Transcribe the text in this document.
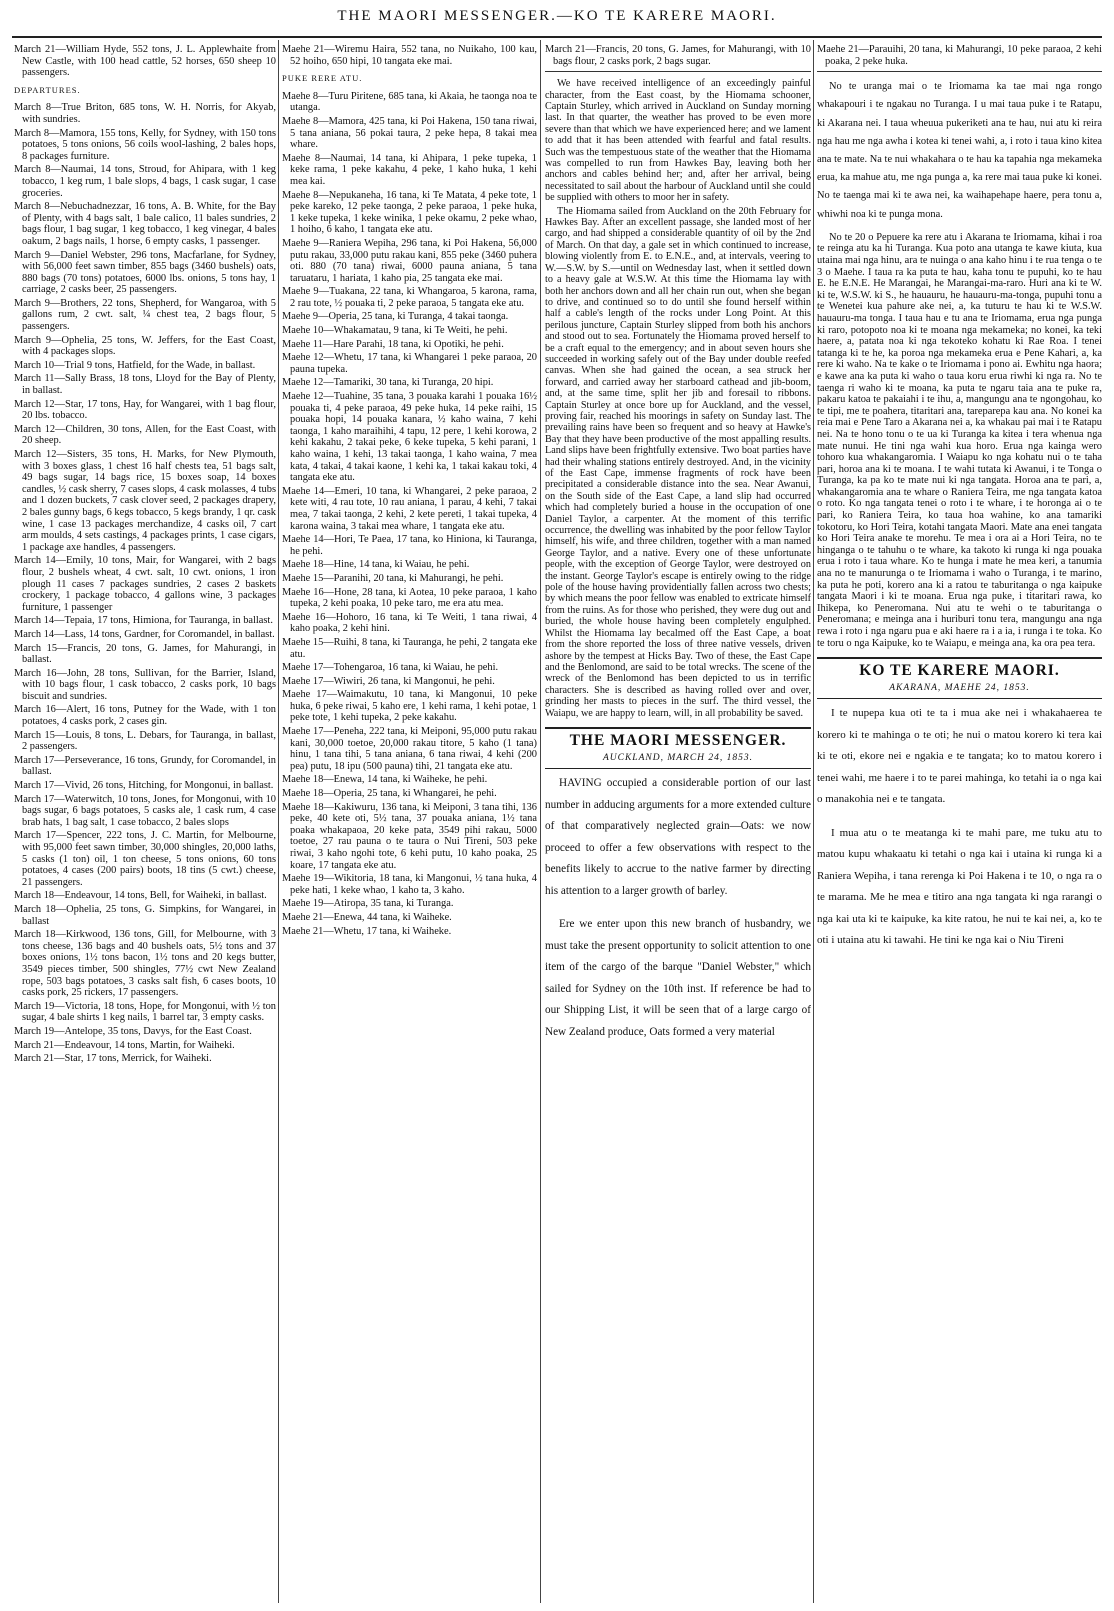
THE MAORI MESSENGER.—KO TE KARERE MAORI.

March 21—William Hyde, 552 tons, J. L. Applewhaite from New Castle, with 100 head cattle, 52 horses, 650 sheep 10 passengers.

DEPARTURES.

March 8—True Briton, 685 tons, W. H. Norris, for Akyab, with sundries.

March 8—Mamora, 155 tons, Kelly, for Sydney, with 150 tons potatoes, 5 tons onions, 56 coils wool-lashing, 2 bales hops, 8 packages furniture.

March 8—Naumai, 14 tons, Stroud, for Ahipara, with 1 keg tobacco, 1 keg rum, 1 bale slops, 4 bags, 1 cask sugar, 1 case groceries.

March 8—Nebuchadnezzar, 16 tons, A. B. White, for the Bay of Plenty, with 4 bags salt, 1 bale calico, 11 bales sundries, 2 bags flour, 1 bag sugar, 1 keg tobacco, 1 keg vinegar, 4 bales oakum, 2 bags nails, 1 horse, 6 empty casks, 1 passenger.

March 9—Daniel Webster, 296 tons, Macfarlane, for Sydney, with 56,000 feet sawn timber, 855 bags (3460 bushels) oats, 880 bags (70 tons) potatoes, 6000 lbs. onions, 5 tons hay, 1 carriage, 2 casks beer, 25 passengers.

March 9—Brothers, 22 tons, Shepherd, for Wangaroa, with 5 gallons rum, 2 cwt. salt, ¼ chest tea, 2 bags flour, 5 passengers.

March 9—Ophelia, 25 tons, W. Jeffers, for the East Coast, with 4 packages slops.

March 10—Trial 9 tons, Hatfield, for the Wade, in ballast.

March 11—Sally Brass, 18 tons, Lloyd for the Bay of Plenty, in ballast.

March 12—Star, 17 tons, Hay, for Wangarei, with 1 bag flour, 20 lbs. tobacco.

March 12—Children, 30 tons, Allen, for the East Coast, with 20 sheep.

March 12—Sisters, 35 tons, H. Marks, for New Plymouth, with 3 boxes glass, 1 chest 16 half chests tea, 51 bags salt, 49 bags sugar, 14 bags rice, 15 boxes soap, 14 boxes candles, ½ cask sherry, 7 cases slops, 4 cask molasses, 4 tubs and 1 dozen buckets, 7 cask clover seed, 2 packages drapery, 2 bales gunny bags, 6 kegs tobacco, 5 kegs brandy, 1 qr. cask wine, 1 case 13 packages merchandize, 4 casks oil, 7 cart arm moulds, 4 sets castings, 4 packages prints, 1 case cigars, 1 package axe handles, 4 passengers.

March 14—Emily, 10 tons, Mair, for Wangarei, with 2 bags flour, 2 bushels wheat, 4 cwt. salt, 10 cwt. onions, 1 iron plough 11 cases 7 packages sundries, 2 cases 2 baskets crockery, 1 package tobacco, 4 gallons wine, 3 packages furniture, 1 passenger

March 14—Tepaia, 17 tons, Himiona, for Tauranga, in ballast.

March 14—Lass, 14 tons, Gardner, for Coromandel, in ballast.

March 15—Francis, 20 tons, G. James, for Mahurangi, in ballast.

March 16—John, 28 tons, Sullivan, for the Barrier, Island, with 10 bags flour, 1 cask tobacco, 2 casks pork, 10 bags biscuit and sundries.

March 16—Alert, 16 tons, Putney for the Wade, with 1 ton potatoes, 4 casks pork, 2 cases gin.

March 15—Louis, 8 tons, L. Debars, for Tauranga, in ballast, 2 passengers.

March 17—Perseverance, 16 tons, Grundy, for Coromandel, in ballast.

March 17—Vivid, 26 tons, Hitching, for Mongonui, in ballast.

March 17—Waterwitch, 10 tons, Jones, for Mongonui, with 10 bags sugar, 6 bags potatoes, 5 casks ale, 1 cask rum, 4 case brab hats, 1 bag salt, 1 case tobacco, 2 bales slops

March 17—Spencer, 222 tons, J. C. Martin, for Melbourne, with 95,000 feet sawn timber, 30,000 shingles, 20,000 laths, 5 casks (1 ton) oil, 1 ton cheese, 5 tons onions, 60 tons potatoes, 4 cases (200 pairs) boots, 18 tins (5 cwt.) cheese, 21 passengers.

March 18—Endeavour, 14 tons, Bell, for Waiheki, in ballast.

March 18—Ophelia, 25 tons, G. Simpkins, for Wangarei, in ballast

March 18—Kirkwood, 136 tons, Gill, for Melbourne, with 3 tons cheese, 136 bags and 40 bushels oats, 5½ tons and 37 boxes onions, 1½ tons bacon, 1½ tons and 20 kegs butter, 3549 pieces timber, 500 shingles, 77½ cwt New Zealand rope, 503 bags potatoes, 3 casks salt fish, 6 cases boots, 10 casks pork, 25 rickers, 17 passengers.

March 19—Victoria, 18 tons, Hope, for Mongonui, with ½ ton sugar, 4 bale shirts 1 keg nails, 1 barrel tar, 3 empty casks.

March 19—Antelope, 35 tons, Davys, for the East Coast.

March 21—Endeavour, 14 tons, Martin, for Waiheki.

March 21—Star, 17 tons, Merrick, for Waiheki.

Maehe 21—Wiremu Haira, 552 tana, no Nuikaho, 100 kau, 52 hoiho, 650 hipi, 10 tangata eke mai.

PUKE RERE ATU.

Maehe 8—Turu Piritene, 685 tana, ki Akaia, he taonga noa te utanga.

Maehe 8—Mamora, 425 tana, ki Poi Hakena, 150 tana riwai, 5 tana aniana, 56 pokai taura, 2 peke hepa, 8 takai mea whare.

Maehe 8—Naumai, 14 tana, ki Ahipara, 1 peke tupeka, 1 keke rama, 1 peke kakahu, 4 peke, 1 kaho huka, 1 kehi mea kai.

Maehe 8—Nepukaneha, 16 tana, ki Te Matata, 4 peke tote, 1 peke kareko, 12 peke taonga, 2 peke paraoa, 1 peke huka, 1 keke tupeka, 1 keke winika, 1 peke okamu, 2 peke whao, 1 hoiho, 6 kaho, 1 tangata eke atu.

Maehe 9—Raniera Wepiha, 296 tana, ki Poi Hakena, 56,000 putu rakau, 33,000 putu rakau kani, 855 peke (3460 puhera oti. 880 (70 tana) riwai, 6000 pauna aniana, 5 tana taruataru, 1 hariata, 1 kaho pia, 25 tangata eke mai.

Maehe 9—Tuakana, 22 tana, ki Whangaroa, 5 karona, rama, 2 rau tote, ½ pouaka ti, 2 peke paraoa, 5 tangata eke atu.

Maehe 9—Operia, 25 tana, ki Turanga, 4 takai taonga.

Maehe 10—Whakamatau, 9 tana, ki Te Weiti, he pehi.

Maehe 11—Hare Parahi, 18 tana, ki Opotiki, he pehi.

Maehe 12—Whetu, 17 tana, ki Whangarei 1 peke paraoa, 20 pauna tupeka.

Maehe 12—Tamariki, 30 tana, ki Turanga, 20 hipi.

Maehe 12—Tuahine, 35 tana, 3 pouaka karahi 1 pouaka 16½ pouaka ti, 4 peke paraoa, 49 peke huka, 14 peke raihi, 15 pouaka hopi, 14 pouaka kanara, ½ kaho waina, 7 kehi taonga, 1 kaho maraihihi, 4 tapu, 12 pere, 1 kehi korowa, 2 kehi kakahu, 2 takai peke, 6 keke tupeka, 5 kehi parani, 1 kaho waina, 1 kehi, 13 takai taonga, 1 kaho waina, 7 mea kata, 4 takai, 4 takai kaone, 1 kehi ka, 1 takai kakau toki, 4 tangata eke atu.

Maehe 14—Emeri, 10 tana, ki Whangarei, 2 peke paraoa, 2 kete witi, 4 rau tote, 10 rau aniana, 1 parau, 4 kehi, 7 takai mea, 7 takai taonga, 2 kehi, 2 kete pereti, 1 takai tupeka, 4 karona waina, 3 takai mea whare, 1 tangata eke atu.

Maehe 14—Hori, Te Paea, 17 tana, ko Hiniona, ki Tauranga, he pehi.

Maehe 18—Hine, 14 tana, ki Waiau, he pehi.

Maehe 15—Paranihi, 20 tana, ki Mahurangi, he pehi.

Maehe 16—Hone, 28 tana, ki Aotea, 10 peke paraoa, 1 kaho tupeka, 2 kehi poaka, 10 peke taro, me era atu mea.

Maehe 16—Hohoro, 16 tana, ki Te Weiti, 1 tana riwai, 4 kaho poaka, 2 kehi hini.

Maehe 15—Ruihi, 8 tana, ki Tauranga, he pehi, 2 tangata eke atu.

Maehe 17—Tohengaroa, 16 tana, ki Waiau, he pehi.

Maehe 17—Wiwiri, 26 tana, ki Mangonui, he pehi.

Maehe 17—Waimakutu, 10 tana, ki Mangonui, 10 peke huka, 6 peke riwai, 5 kaho ere, 1 kehi rama, 1 kehi potae, 1 peke tote, 1 kehi tupeka, 2 peke kakahu.

Maehe 17—Peneha, 222 tana, ki Meiponi, 95,000 putu rakau kani, 30,000 toetoe, 20,000 rakau titore, 5 kaho (1 tana) hinu, 1 tana tihi, 5 tana aniana, 6 tana riwai, 4 kehi (200 pea) putu, 18 ipu (500 pauna) tihi, 21 tangata eke atu.

Maehe 18—Enewa, 14 tana, ki Waiheke, he pehi.

Maehe 18—Operia, 25 tana, ki Whangarei, he pehi.

Maehe 18—Kakiwuru, 136 tana, ki Meiponi, 3 tana tihi, 136 peke, 40 kete oti, 5½ tana, 37 pouaka aniana, 1½ tana poaka whakapaoa, 20 keke pata, 3549 pihi rakau, 5000 toetoe, 27 rau pauna o te taura o Nui Tireni, 503 peke riwai, 3 kaho ngohi tote, 6 kehi putu, 10 kaho poaka, 25 koare, 17 tangata eke atu.

Maehe 19—Wikitoria, 18 tana, ki Mangonui, ½ tana huka, 4 peke hati, 1 keke whao, 1 kaho ta, 3 kaho.

Maehe 19—Atiropa, 35 tana, ki Turanga.

Maehe 21—Enewa, 44 tana, ki Waiheke.

Maehe 21—Whetu, 17 tana, ki Waiheke.

March 21—Francis, 20 tons, G. James, for Mahurangi, with 10 bags flour, 2 casks pork, 2 bags sugar.

We have received intelligence of an exceedingly painful character, from the East coast, by the Hiomama schooner, Captain Sturley, which arrived in Auckland on Sunday morning last. In that quarter, the weather has proved to be even more severe than that which we have experienced here; and we lament to add that it has been attended with fearful and fatal results. Such was the tempestuous state of the weather that the Hiomama was compelled to run from Hawkes Bay, leaving both her anchors and cables behind her; and, after her arrival, being necessitated to sail about the harbour of Auckland until she could be supplied with others to moor her in safety.

The Hiomama sailed from Auckland on the 20th February for Hawkes Bay. After an excellent passage, she landed most of her cargo, and had shipped a considerable quantity of oil by the 2nd of March. On that day, a gale set in which continued to increase, blowing violently from E. to E.N.E., and, at intervals, veering to W.—S.W. by S.—until on Wednesday last, when it settled down to a heavy gale at W.S.W. At this time the Hiomama lay with both her anchors down and all her chain run out, when she began to drive, and continued so to do until she found herself within half a cable's length of the rocks under Long Point. At this perilous juncture, Captain Sturley slipped from both his anchors and stood out to sea. Fortunately the Hiomama proved herself to be a craft equal to the emergency; and in about seven hours she succeeded in working safely out of the Bay under double reefed canvas. When she had gained the ocean, a sea struck her forward, and carried away her starboard cathead and jib-boom, and, at the same time, split her jib and foresail to ribbons. Captain Sturley at once bore up for Auckland, and the vessel, proving fair, reached his moorings in safety on Sunday last. The prevailing rains have been so frequent and so heavy at Hawke's Bay that they have been productive of the most appalling results. Land slips have been frightfully extensive. Two boat parties have had their whaling stations entirely destroyed. And, in the vicinity of the East Cape, immense fragments of rock have been precipitated a considerable distance into the sea. Near Awanui, on the South side of the East Cape, a land slip had occurred which had completely buried a house in the occupation of one Daniel Taylor, a carpenter. At the moment of this terrific occurrence, the dwelling was inhabited by the poor fellow Taylor himself, his wife, and three children, together with a man named George Taylor, and a native. Every one of these unfortunate people, with the exception of George Taylor, were destroyed on the instant. George Taylor's escape is entirely owing to the ridge pole of the house having providentially fallen across two chests; by which means the poor fellow was enabled to extricate himself from the ruins. As for those who perished, they were dug out and buried, the whole house having been completely engulphed. Whilst the Hiomama lay becalmed off the East Cape, a boat from the shore reported the loss of three native vessels, driven ashore by the tempest at Hicks Bay. Two of these, the East Cape and the Benlomond, are said to be total wrecks. The scene of the wreck of the Benlomond has been depicted to us in terrific characters. She is described as having rolled over and over, grinding her masts to pieces in the surf. The third vessel, the Waiapu, we are happy to learn, will, in all probability be saved.

THE MAORI MESSENGER.
AUCKLAND, MARCH 24, 1853.

HAVING occupied a considerable portion of our last number in adducing arguments for a more extended culture of that comparatively neglected grain—Oats: we now proceed to offer a few observations with respect to the benefits likely to accrue to the native farmer by directing his attention to a larger growth of barley.

Ere we enter upon this new branch of husbandry, we must take the present opportunity to solicit attention to one item of the cargo of the barque "Daniel Webster," which sailed for Sydney on the 10th inst. If reference be had to our Shipping List, it will be seen that of a large cargo of New Zealand produce, Oats formed a very material

Maehe 21—Parauihi, 20 tana, ki Mahurangi, 10 peke paraoa, 2 kehi poaka, 2 peke huka.

No te uranga mai o te Iriomama ka tae mai nga rongo whakapouri i te ngakau no Turanga. I u mai taua puke i te Ratapu, ki Akarana nei. I taua wheuua pukeriketi ana te hau, nui atu ki reira nga hau me nga awha i kotea ki tenei wahi, a, i roto i taua kino kitea ana te mate. Na te nui whakahara o te hau ka tapahia nga mekameka erua, ka mahue atu, me nga punga a, ka rere mai taua puke ki konei. No te taenga mai ki te awa nei, ka waihapehape haere, pera tonu a, whiwhi noa ki te punga mona.
No te 20 o Pepuere ka rere atu i Akarana te Iriomama, kihai i roa te reinga atu ka hi Turanga. Kua poto ana utanga te kawe kiuta, kua utaina mai nga hinu, ara te nuinga o ana kaho hinu i te rua tenga o te 3 o Maehe. I taua ra ka puta te hau, kaha tonu te pupuhi, ko te hau E. he E.N.E. He Marangai, he Marangai-ma-raro. Huri ana ki te W. ki te, W.S.W. ki S., he hauauru, he hauauru-ma-tonga, pupuhi tonu a te Wenetei kua pahure ake nei, a, ka tuturu te hau ki te W.S.W. hauauru-ma tonga. I taua hau e tu ana te Iriomama, erua nga punga ki raro, potopoto noa ki te moana nga mekameka; no konei, ka teki haere, a, patata noa ki nga tekoteko kohatu ki Rae Roa. I tenei tatanga ki te he, ka poroa nga mekameka erua e Pene Kahari, a, ka rere ki waho. Na te kake o te Iriomama i pono ai. Ewhitu nga haora; e kawe ana ka puta ki waho o taua koru erua riwhi ki nga ra. No te taenga ri waho ki te moana, ka puta te ngaru taia ana te puke ra, pakaru katoa te pakaiahi i te ihu, a, mangungu ana te ngongohau, ko te tipi, me te poahera, titaritari ana, tareparepa kau ana. No konei ka reia mai e Pene Taro a Akarana nei a, ka whakau pai mai i te Ratapu nei. Na te hono tonu o te ua ki Turanga ka kitea i tera whenua nga mate nunui. He tini nga wahi kua horo. Erua nga kainga wero tohoro kua whakangaromia. I Waiapu ko nga kohatu nui o te taha pari, horoa ana ki te moana. I te wahi tutata ki Awanui, i te Tonga o Turanga, ka pa ko te mate nui ki nga tangata. Horoa ana te pari, a, whakangaromia ana te whare o Raniera Teira, me nga tangata katoa o roto. Ko nga tangata tenei o roto i te whare, i te horonga ai o te pari, ko Raniera Teira, ko taua hoa wahine, ko ana tamariki tokotoru, ko Hori Teira, kotahi tangata Maori. Mate ana enei tangata ko Hori Teira anake te morehu. Te mea i ora ai a Hori Teira, no te hinganga o te tahuhu o te whare, ka takoto ki runga ki nga pouaka erua i roto i taua whare. Ko te hunga i mate he mea keri, a tanumia ana no te manurunga o te Iriomama i waho o Turanga, i te marino, ka puta he poti, korero ana ki a ratou te taburitanga o nga kaipuke tangata Maori i ki te moana. Erua nga puke, i titaritari rawa, ko Ihikepa, ko Peneromana. Nui atu te wehi o te taburitanga o Peneromana; e meinga ana i huriburi tonu tera, mangungu ana nga rewa i roto i nga ngaru pua e aki haere ra i a ia, i runga i te toka. Ko te toru o nga Kaipuke, ko te Waiapu, e meinga ana, ka ora pea tera.
KO TE KARERE MAORI.
AKARANA, MAEHE 24, 1853.

I te nupepa kua oti te ta i mua ake nei i whakahaerea te korero ki te mahinga o te oti; he nui o matou korero ki tera kai ki te oti, ekore nei e ngakia e te tangata; ko to matou korero i tenei wahi, me haere i to te parei mahinga, ko tetahi ia o nga kai o manakohia nei e te tangata.

I mua atu o te meatanga ki te mahi pare, me tuku atu to matou kupu whakaatu ki tetahi o nga kai i utaina ki runga ki a Raniera Wepiha, i tana rerenga ki Poi Hakena i te 10, o nga ra o te marama. Me he mea e titiro ana nga tangata ki nga rarangi o nga kai uta ki te kaipuke, ka kite ratou, he nui te kai nei, a, ko te oti i utaina atu ki tawahi. He tini ke nga kai o Niu Tireni
